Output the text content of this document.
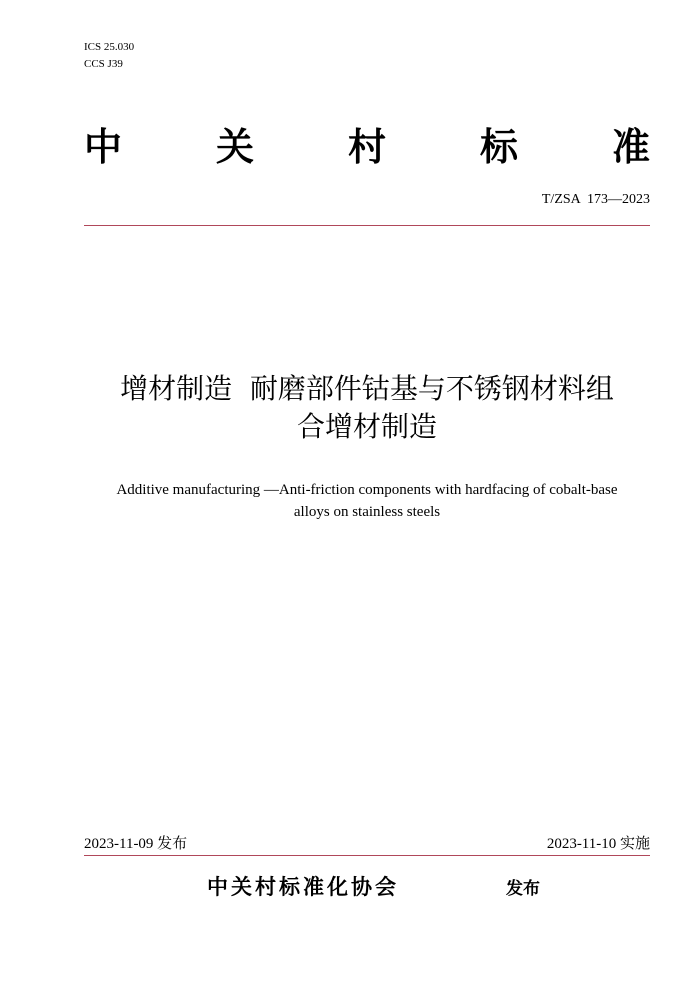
ICS 25.030
CCS J39
中 关 村 标 准
T/ZSA  173—2023
增材制造  耐磨部件钴基与不锈钢材料组
合增材制造
Additive manufacturing —Anti-friction components with hardfacing of cobalt-base
alloys on stainless steels
2023-11-09 发布	2023-11-10 实施
中关村标准化协会	发布
